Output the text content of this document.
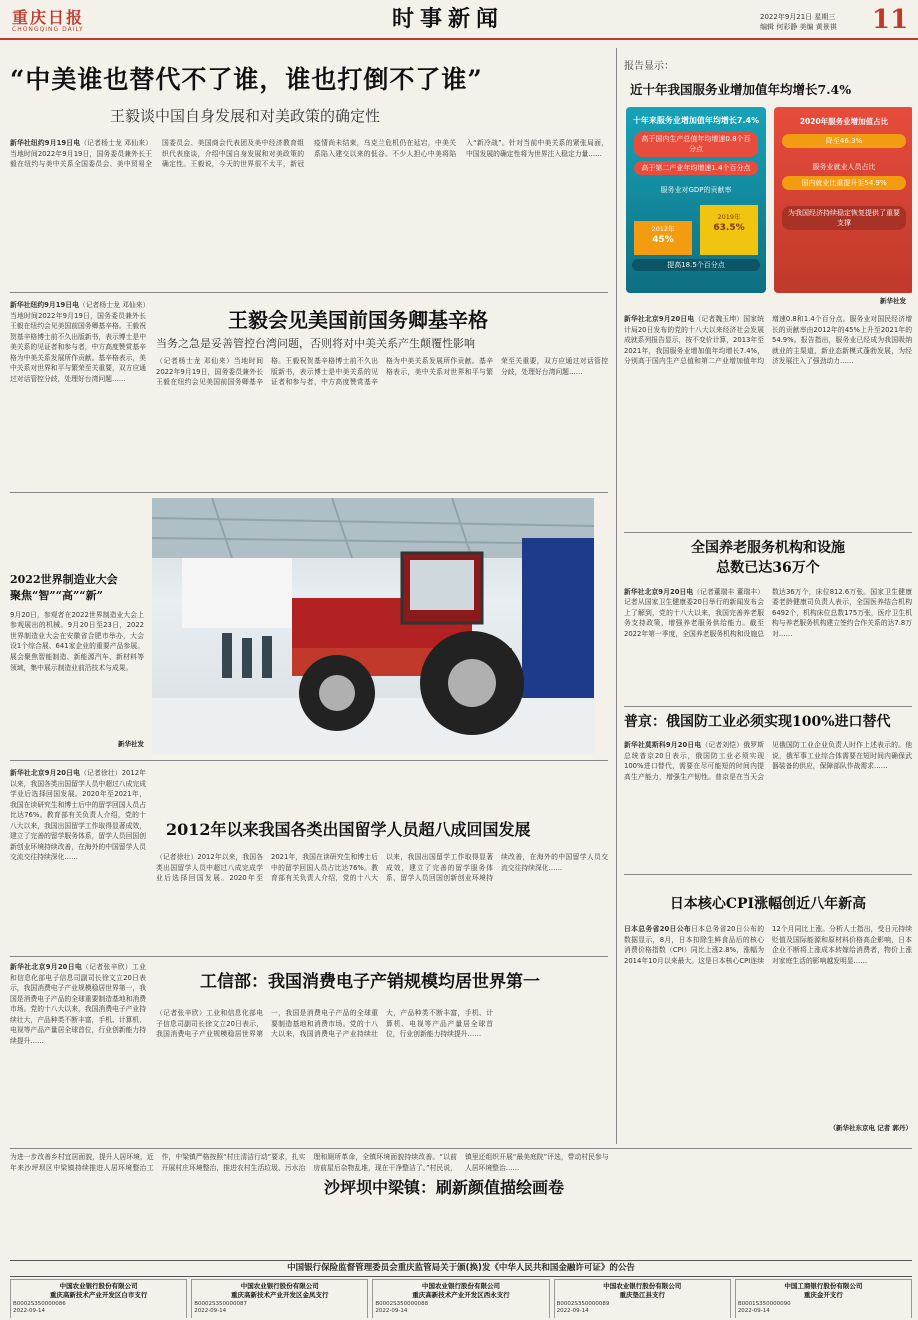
重庆日报
CHONGQING DAILY	时事新闻	2022年9月21日 星期三
编辑 何彩静 美编 黄景祺	11
“中美谁也替代不了谁，谁也打倒不了谁”
王毅谈中国自身发展和对美政策的确定性
新华社纽约9月19日电（记者杨士龙 邓仙来）当地时间2022年9月19日，国务委员兼外长王毅在纽约与美中关系全国委员会、美中贸易全国委员会、美国商会代表团及美中经济教育组织代表座谈，介绍中国自身发展和对美政策的确定性。王毅说，今天的世界很不太平，新冠疫情尚未结束，乌克兰危机仍在延宕，中美关系陷入建交以来的低谷。不少人担心中美将陷入“新冷战”。针对当前中美关系的紧张局面，中国发展的确定性将为世界注入稳定力量……
新华社纽约9月19日电（记者杨士龙 邓仙来）当地时间2022年9月19日，国务委员兼外长王毅在纽约会见美国前国务卿基辛格。王毅祝贺基辛格博士前不久出版新书，表示博士是中美关系的见证者和参与者，中方高度赞赏基辛格为中美关系发展所作贡献。基辛格表示，美中关系对世界和平与繁荣至关重要，双方应通过对话管控分歧，处理好台湾问题……
王毅会见美国前国务卿基辛格
当务之急是妥善管控台湾问题，否则将对中美关系产生颠覆性影响
（记者杨士龙 邓仙来）当地时间2022年9月19日，国务委员兼外长王毅在纽约会见美国前国务卿基辛格。王毅祝贺基辛格博士前不久出版新书，表示博士是中美关系的见证者和参与者，中方高度赞赏基辛格为中美关系发展所作贡献。基辛格表示，美中关系对世界和平与繁荣至关重要，双方应通过对话管控分歧，处理好台湾问题……
2022世界制造业大会
聚焦“智”“高”“新”
9月20日，参观者在2022世界制造业大会上参观展出的机械。9月20日至23日，2022世界制造业大会在安徽省合肥市举办，大会设1个综合展、641家企业的重要产品参展。展会聚焦智能制造、新能源汽车、新材料等领域，集中展示制造业前沿技术与成果。
新华社发
新华社北京9月20日电（记者徐壮）2012年以来，我国各类出国留学人员中超过八成完成学业后选择回国发展。2020年至2021年，我国在读研究生和博士后中的留学回国人员占比达76%。教育部有关负责人介绍，党的十八大以来，我国出国留学工作取得显著成效，建立了完善的留学服务体系，留学人员回国创新创业环境持续改善，在海外的中国留学人员交流交往持续深化……
2012年以来我国各类出国留学人员超八成回国发展
（记者徐壮）2012年以来，我国各类出国留学人员中超过八成完成学业后选择回国发展。2020年至2021年，我国在读研究生和博士后中的留学回国人员占比达76%。教育部有关负责人介绍，党的十八大以来，我国出国留学工作取得显著成效，建立了完善的留学服务体系，留学人员回国创新创业环境持续改善，在海外的中国留学人员交流交往持续深化……
新华社北京9月20日电（记者张辛欣）工业和信息化部电子信息司副司长徐文立20日表示，我国消费电子产业规模稳居世界第一，我国是消费电子产品的全球重要制造基地和消费市场。党的十八大以来，我国消费电子产业持续壮大，产品种类不断丰富，手机、计算机、电视等产品产量居全球首位，行业创新能力持续提升……
工信部：我国消费电子产销规模均居世界第一
（记者张辛欣）工业和信息化部电子信息司副司长徐文立20日表示，我国消费电子产业规模稳居世界第一，我国是消费电子产品的全球重要制造基地和消费市场。党的十八大以来，我国消费电子产业持续壮大，产品种类不断丰富，手机、计算机、电视等产品产量居全球首位，行业创新能力持续提升……
报告显示：
近十年我国服务业增加值年均增长7.4%
十年来服务业增加值年均增长7.4%
高于国内生产总值年均增速0.8个百分点
高于第二产业年均增速1.4个百分点
服务业对GDP的贡献率
2012年
45%
2019年
63.5%
提高18.5个百分点
2020年服务业增加值占比
降至46.3%
服务业就业人员占比
国内就业比重提升至54.9%
为我国经济持续稳定恢复提供了重要支撑
新华社发
新华社北京9月20日电（记者魏玉坤）国家统计局20日发布的党的十八大以来经济社会发展成就系列报告显示，按不变价计算，2013年至2021年，我国服务业增加值年均增长7.4%，分别高于国内生产总值和第二产业增加值年均增速0.8和1.4个百分点。服务业对国民经济增长的贡献率由2012年的45%上升至2021年的54.9%。报告指出，服务业已经成为我国吸纳就业的主渠道，新业态新模式蓬勃发展，为经济发展注入了强劲动力……
全国养老服务机构和设施
总数已达36万个
新华社北京9月20日电（记者董瑞丰 董瑞丰）记者从国家卫生健康委20日举行的新闻发布会上了解到，党的十八大以来，我国完善养老服务支持政策，增强养老服务供给能力。截至2022年第一季度，全国养老服务机构和设施总数达36万个，床位812.6万张。国家卫生健康委老龄健康司负责人表示，全国医养结合机构6492个，机构床位总数175万张，医疗卫生机构与养老服务机构建立签约合作关系的达7.8万对……
普京：俄国防工业必须实现100%进口替代
新华社莫斯科9月20日电（记者刘恺）俄罗斯总统普京20日表示，俄国防工业必须实现100%进口替代，需要在尽可能短的时间内提高生产能力，增强生产韧性。普京是在当天会见俄国防工业企业负责人时作上述表示的。他说，俄军事工业综合体需要在短时间内确保武器装备的供应，保障部队作战需求……
日本核心CPI涨幅创近八年新高
日本总务省20日公布日本总务省20日公布的数据显示，8月，日本扣除生鲜食品后的核心消费价格指数（CPI）同比上涨2.8%，涨幅为2014年10月以来最大。这是日本核心CPI连续12个月同比上涨。分析人士指出，受日元持续贬值及国际能源和原材料价格高企影响，日本企业不断将上涨成本转嫁给消费者，物价上涨对家庭生活的影响越发明显……
（新华社东京电 记者 郭丹）
沙坪坝中梁镇：刷新颜值描绘画卷
为进一步改善乡村宜居面貌，提升人居环境，近年来沙坪坝区中梁镇持续推进人居环境整治工作，中梁镇严格按照“村庄清洁行动”要求，扎实开展村庄环境整治，推进农村生活垃圾、污水治理和厕所革命，全镇环境面貌持续改善。“以前房前屋后杂物乱堆，现在干净整洁了。”村民说，镇里还组织开展“最美庭院”评选，带动村民参与人居环境整治……
中国银行保险监督管理委员会重庆监管局关于颁(换)发《中华人民共和国金融许可证》的公告
中国农业银行股份有限公司
重庆高新技术产业开发区白市支行
B0002S350000086
2022-09-14
中国农业银行股份有限公司
重庆高新技术产业开发区金凤支行
B0002S350000087
2022-09-14
中国农业银行股份有限公司
重庆高新技术产业开发区西永支行
B0002S350000088
2022-09-14
中国农业银行股份有限公司
重庆垫江县支行
B0002S350000089
2022-09-14
中国工商银行股份有限公司
重庆金开支行
B0001S350000090
2022-09-14
